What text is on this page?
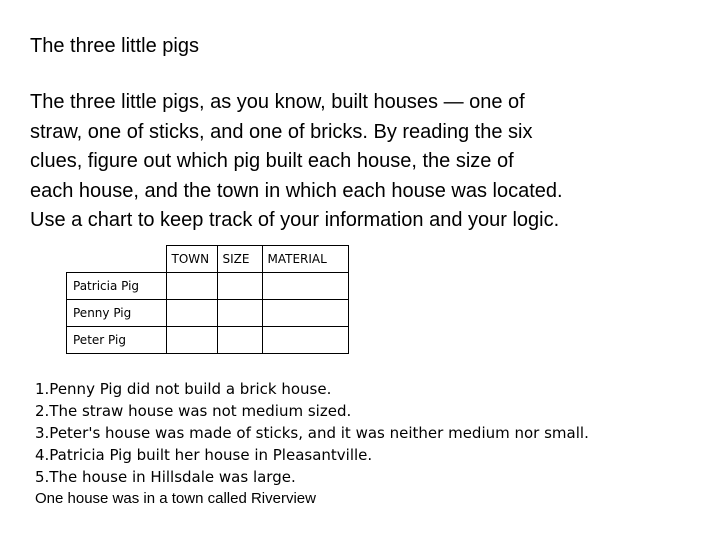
The three little pigs
The three little pigs, as you know, built houses — one of
straw, one of sticks, and one of bricks. By reading the six
clues, figure out which pig built each house, the size of
each house, and the town in which each house was located.
Use a chart to keep track of your information and your logic.
	TOWN	SIZE	MATERIAL
Patricia Pig			
Penny Pig			
Peter Pig			
1.Penny Pig did not build a brick house.
2.The straw house was not medium sized.
3.Peter's house was made of sticks, and it was neither medium nor small.
4.Patricia Pig built her house in Pleasantville.
5.The house in Hillsdale was large.
One house was in a town called Riverview
